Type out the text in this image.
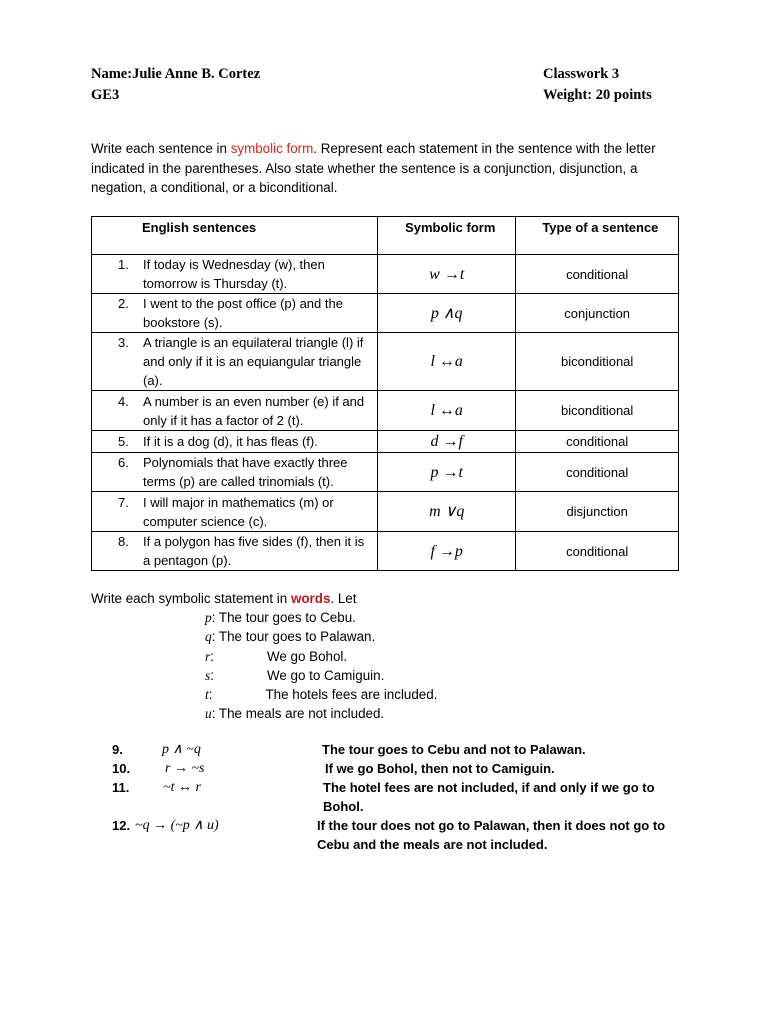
Name:Julie Anne B. Cortez	Classwork 3
GE3	Weight: 20 points
Write each sentence in symbolic form. Represent each statement in the sentence with the letter indicated in the parentheses. Also state whether the sentence is a conjunction, disjunction, a negation, a conditional, or a biconditional.
English sentences	Symbolic form	Type of a sentence

1. If today is Wednesday (w), then tomorrow is Thursday (t).	w →t	conditional

2. I went to the post office (p) and the bookstore (s).	p ∧q	conjunction

3. A triangle is an equilateral triangle (l) if and only if it is an equiangular triangle (a).	l ↔a	biconditional

4. A number is an even number (e) if and only if it has a factor of 2 (t).	l ↔a	biconditional

5. If it is a dog (d), it has fleas (f).	d →f	conditional

6. Polynomials that have exactly three terms (p) are called trinomials (t).	p →t	conditional

7. I will major in mathematics (m) or computer science (c).	m ∨q	disjunction

8. If a polygon has five sides (f), then it is a pentagon (p).	f →p	conditional
Write each symbolic statement in words. Let
p: The tour goes to Cebu.
q: The tour goes to Palawan.
r:	We go Bohol.
s:	We go to Camiguin.
t:	The hotels fees are included.
u: The meals are not included.
9.	p ∧ ~q	The tour goes to Cebu and not to Palawan.
10.	r → ~s	If we go Bohol, then not to Camiguin.
11.	~t ↔ r	The hotel fees are not included, if and only if we go to Bohol.
12. ~q → (~p ∧ u)	If the tour does not go to Palawan, then it does not go to Cebu and the meals are not included.
